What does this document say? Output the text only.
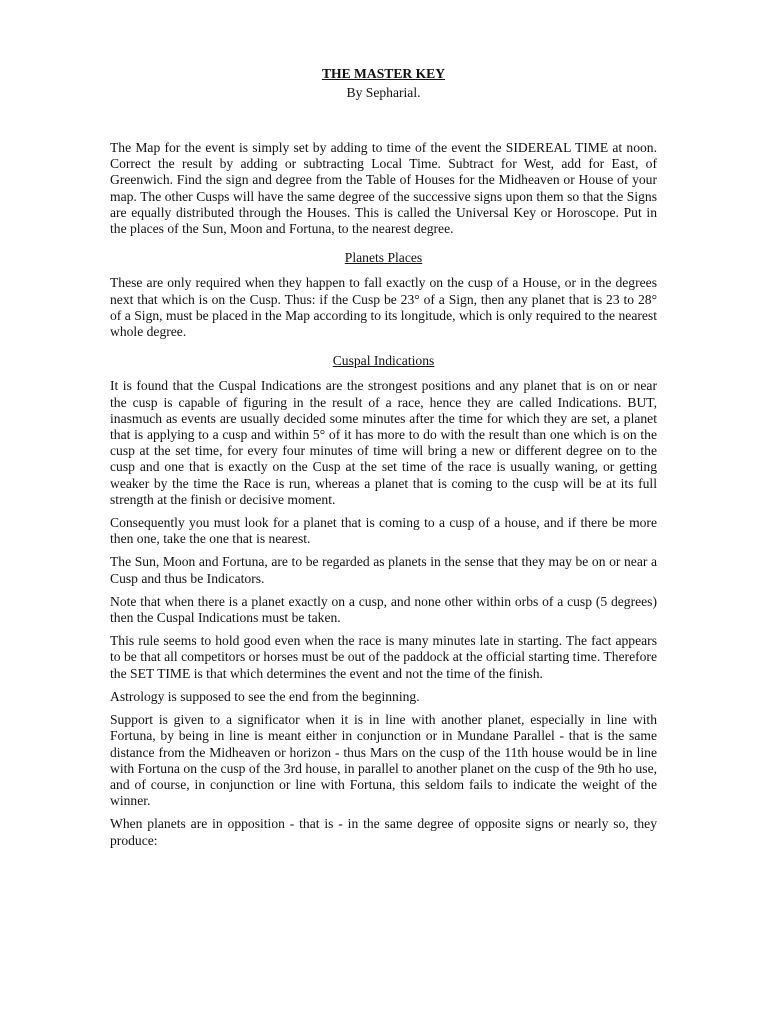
THE MASTER KEY

By Sepharial.

The Map for the event is simply set by adding to time of the event the SIDEREAL TIME at noon. Correct the result by adding or subtracting Local Time. Subtract for West, add for East, of Greenwich. Find the sign and degree from the Table of Houses for the Midheaven or House of your map. The other Cusps will have the same degree of the successive signs upon them so that the Signs are equally distributed through the Houses. This is called the Universal Key or Horoscope. Put in the places of the Sun, Moon and Fortuna, to the nearest degree.

Planets Places

These are only required when they happen to fall exactly on the cusp of a House, or in the degrees next that which is on the Cusp. Thus: if the Cusp be 23° of a Sign, then any planet that is 23 to 28° of a Sign, must be placed in the Map according to its longitude, which is only required to the nearest whole degree.

Cuspal Indications

It is found that the Cuspal Indications are the strongest positions and any planet that is on or near the cusp is capable of figuring in the result of a race, hence they are called Indications. BUT, inasmuch as events are usually decided some minutes after the time for which they are set, a planet that is applying to a cusp and within 5° of it has more to do with the result than one which is on the cusp at the set time, for every four minutes of time will bring a new or different degree on to the cusp and one that is exactly on the Cusp at the set time of the race is usually waning, or getting weaker by the time the Race is run, whereas a planet that is coming to the cusp will be at its full strength at the finish or decisive moment.

Consequently you must look for a planet that is coming to a cusp of a house, and if there be more then one, take the one that is nearest.

The Sun, Moon and Fortuna, are to be regarded as planets in the sense that they may be on or near a Cusp and thus be Indicators.

Note that when there is a planet exactly on a cusp, and none other within orbs of a cusp (5 degrees) then the Cuspal Indications must be taken.

This rule seems to hold good even when the race is many minutes late in starting. The fact appears to be that all competitors or horses must be out of the paddock at the official starting time. Therefore the SET TIME is that which determines the event and not the time of the finish.

Astrology is supposed to see the end from the beginning.

Support is given to a significator when it is in line with another planet, especially in line with Fortuna, by being in line is meant either in conjunction or in Mundane Parallel - that is the same distance from the Midheaven or horizon - thus Mars on the cusp of the 11th house would be in line with Fortuna on the cusp of the 3rd house, in parallel to another planet on the cusp of the 9th ho use, and of course, in conjunction or line with Fortuna, this seldom fails to indicate the weight of the winner.

When planets are in opposition - that is - in the same degree of opposite signs or nearly so, they produce:
